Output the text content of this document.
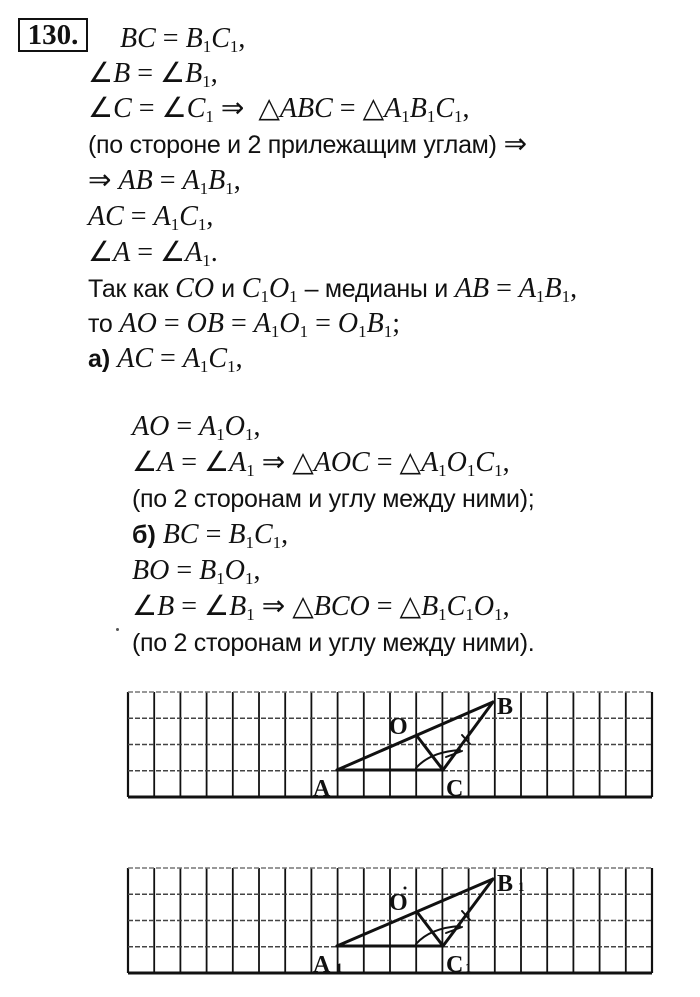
130.	BC = $B_1C_1$,
∠B = $\angle B_1$,
∠C = $\angle C_1$ ⇒  △ABC = $\triangle A_1B_1C_1$,
(по стороне и 2 прилежащим углам) ⇒
⇒ AB = $A_1B_1$,
AC = $A_1C_1$,
∠A = $\angle A_1$.
Так как CO и $C_1O_1$ – медианы и AB = $A_1B_1$,
то AO = OB = $A_1O_1 = O_1B_1$;
а) AC = $A_1C_1$,
AO = $A_1O_1$,
∠A = $\angle A_1$ ⇒ △AOC = $\triangle A_1O_1C_1$,
(по 2 сторонам и углу между ними);
б) BC = $B_1C_1$,
BO = $B_1O_1$,
∠B = $\angle B_1$ ⇒ △BCO = $\triangle B_1C_1O_1$,
(по 2 сторонам и углу между ними).
A
B
C
O
A 1
B 1
C 1
O
